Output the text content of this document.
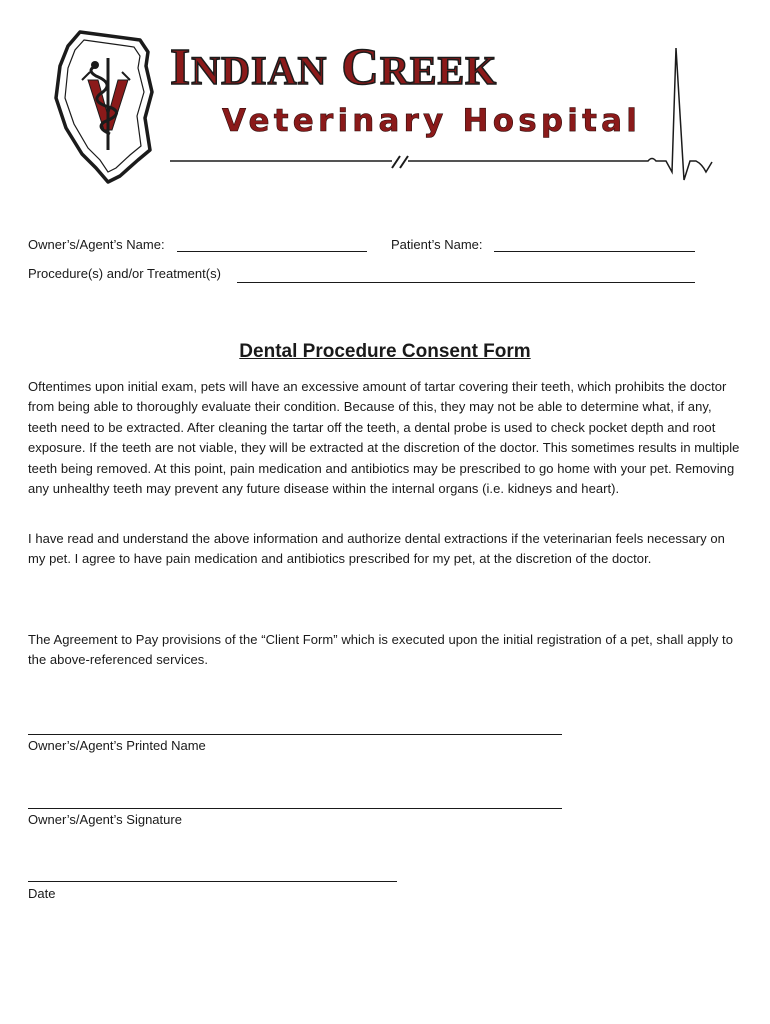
INDIAN CREEK
Veterinary Hospital
Owner’s/Agent’s Name:	Patient’s Name:
Procedure(s) and/or Treatment(s)
Dental Procedure Consent Form
Oftentimes upon initial exam, pets will have an excessive amount of tartar covering their teeth, which prohibits the doctor from being able to thoroughly evaluate their condition. Because of this, they may not be able to determine what, if any, teeth need to be extracted. After cleaning the tartar off the teeth, a dental probe is used to check pocket depth and root exposure. If the teeth are not viable, they will be extracted at the discretion of the doctor. This sometimes results in multiple teeth being removed. At this point, pain medication and antibiotics may be prescribed to go home with your pet. Removing any unhealthy teeth may prevent any future disease within the internal organs (i.e. kidneys and heart).
I have read and understand the above information and authorize dental extractions if the veterinarian feels necessary on my pet. I agree to have pain medication and antibiotics prescribed for my pet, at the discretion of the doctor.
The Agreement to Pay provisions of the “Client Form” which is executed upon the initial registration of a pet, shall apply to the above-referenced services.
Owner’s/Agent’s Printed Name
Owner’s/Agent’s Signature
Date
